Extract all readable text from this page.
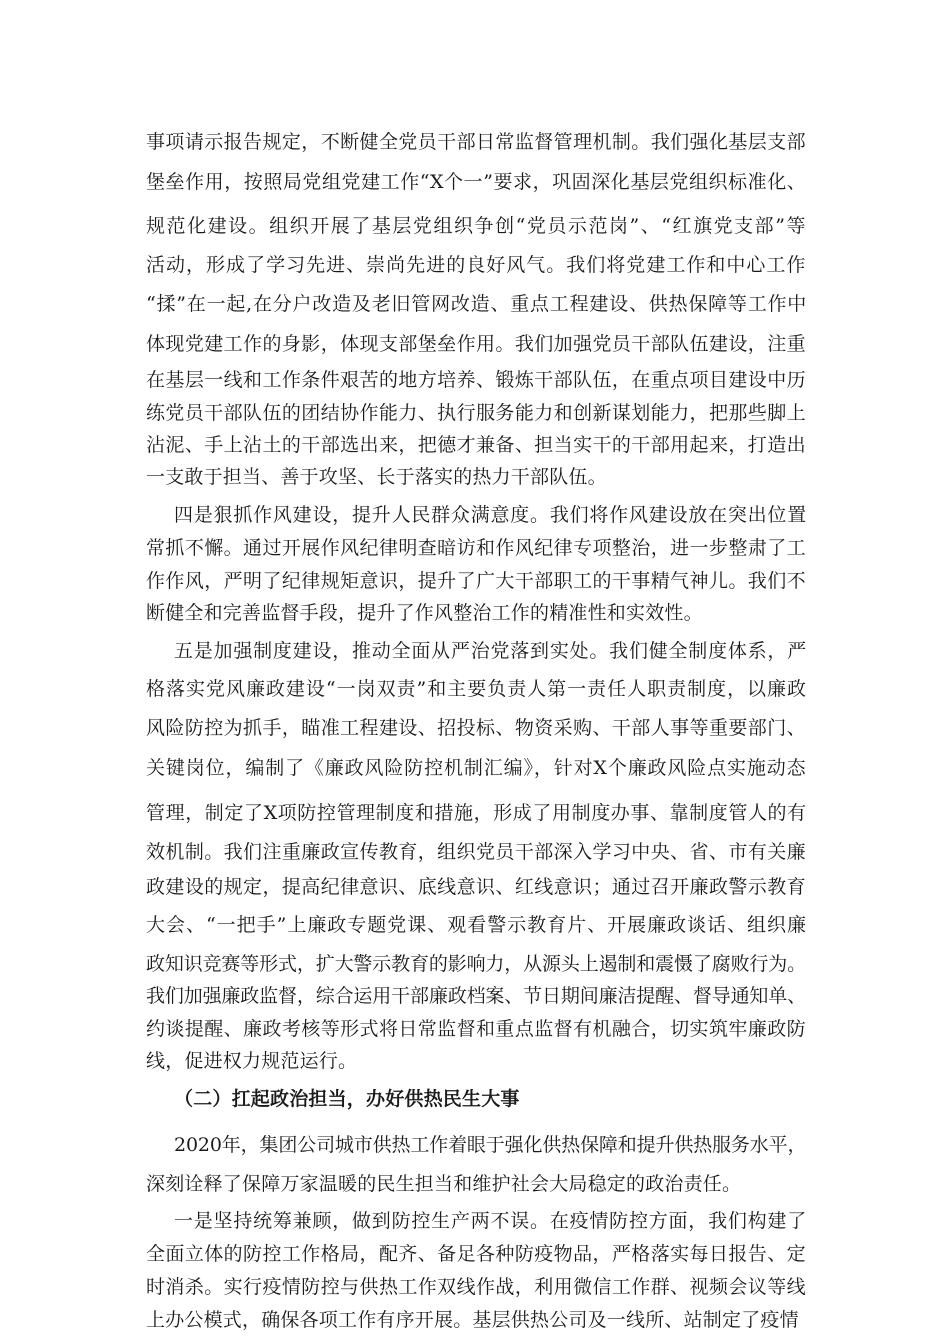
事项请示报告规定，不断健全党员干部日常监督管理机制。我们强化基层支部
堡垒作用，按照局党组党建工作“X个一”要求，巩固深化基层党组织标准化、
规范化建设。组织开展了基层党组织争创“党员示范岗”、“红旗党支部”等
活动，形成了学习先进、崇尚先进的良好风气。我们将党建工作和中心工作
“揉”在一起,在分户改造及老旧管网改造、重点工程建设、供热保障等工作中
体现党建工作的身影，体现支部堡垒作用。我们加强党员干部队伍建设，注重
在基层一线和工作条件艰苦的地方培养、锻炼干部队伍，在重点项目建设中历
练党员干部队伍的团结协作能力、执行服务能力和创新谋划能力，把那些脚上
沾泥、手上沾土的干部选出来，把德才兼备、担当实干的干部用起来，打造出
一支敢于担当、善于攻坚、长于落实的热力干部队伍。
四是狠抓作风建设，提升人民群众满意度。我们将作风建设放在突出位置
常抓不懈。通过开展作风纪律明查暗访和作风纪律专项整治，进一步整肃了工
作作风，严明了纪律规矩意识，提升了广大干部职工的干事精气神儿。我们不
断健全和完善监督手段，提升了作风整治工作的精准性和实效性。
五是加强制度建设，推动全面从严治党落到实处。我们健全制度体系，严
格落实党风廉政建设“一岗双责”和主要负责人第一责任人职责制度，以廉政
风险防控为抓手，瞄准工程建设、招投标、物资采购、干部人事等重要部门、
关键岗位，编制了《廉政风险防控机制汇编》，针对X个廉政风险点实施动态
管理，制定了X项防控管理制度和措施，形成了用制度办事、靠制度管人的有
效机制。我们注重廉政宣传教育，组织党员干部深入学习中央、省、市有关廉
政建设的规定，提高纪律意识、底线意识、红线意识；通过召开廉政警示教育
大会、“一把手”上廉政专题党课、观看警示教育片、开展廉政谈话、组织廉
政知识竞赛等形式，扩大警示教育的影响力，从源头上遏制和震慑了腐败行为。
我们加强廉政监督，综合运用干部廉政档案、节日期间廉洁提醒、督导通知单、
约谈提醒、廉政考核等形式将日常监督和重点监督有机融合，切实筑牢廉政防
线，促进权力规范运行。
（二）扛起政治担当，办好供热民生大事
2020年，集团公司城市供热工作着眼于强化供热保障和提升供热服务水平，
深刻诠释了保障万家温暖的民生担当和维护社会大局稳定的政治责任。
一是坚持统筹兼顾，做到防控生产两不误。在疫情防控方面，我们构建了
全面立体的防控工作格局，配齐、备足各种防疫物品，严格落实每日报告、定
时消杀。实行疫情防控与供热工作双线作战，利用微信工作群、视频会议等线
上办公模式，确保各项工作有序开展。基层供热公司及一线所、站制定了疫情
